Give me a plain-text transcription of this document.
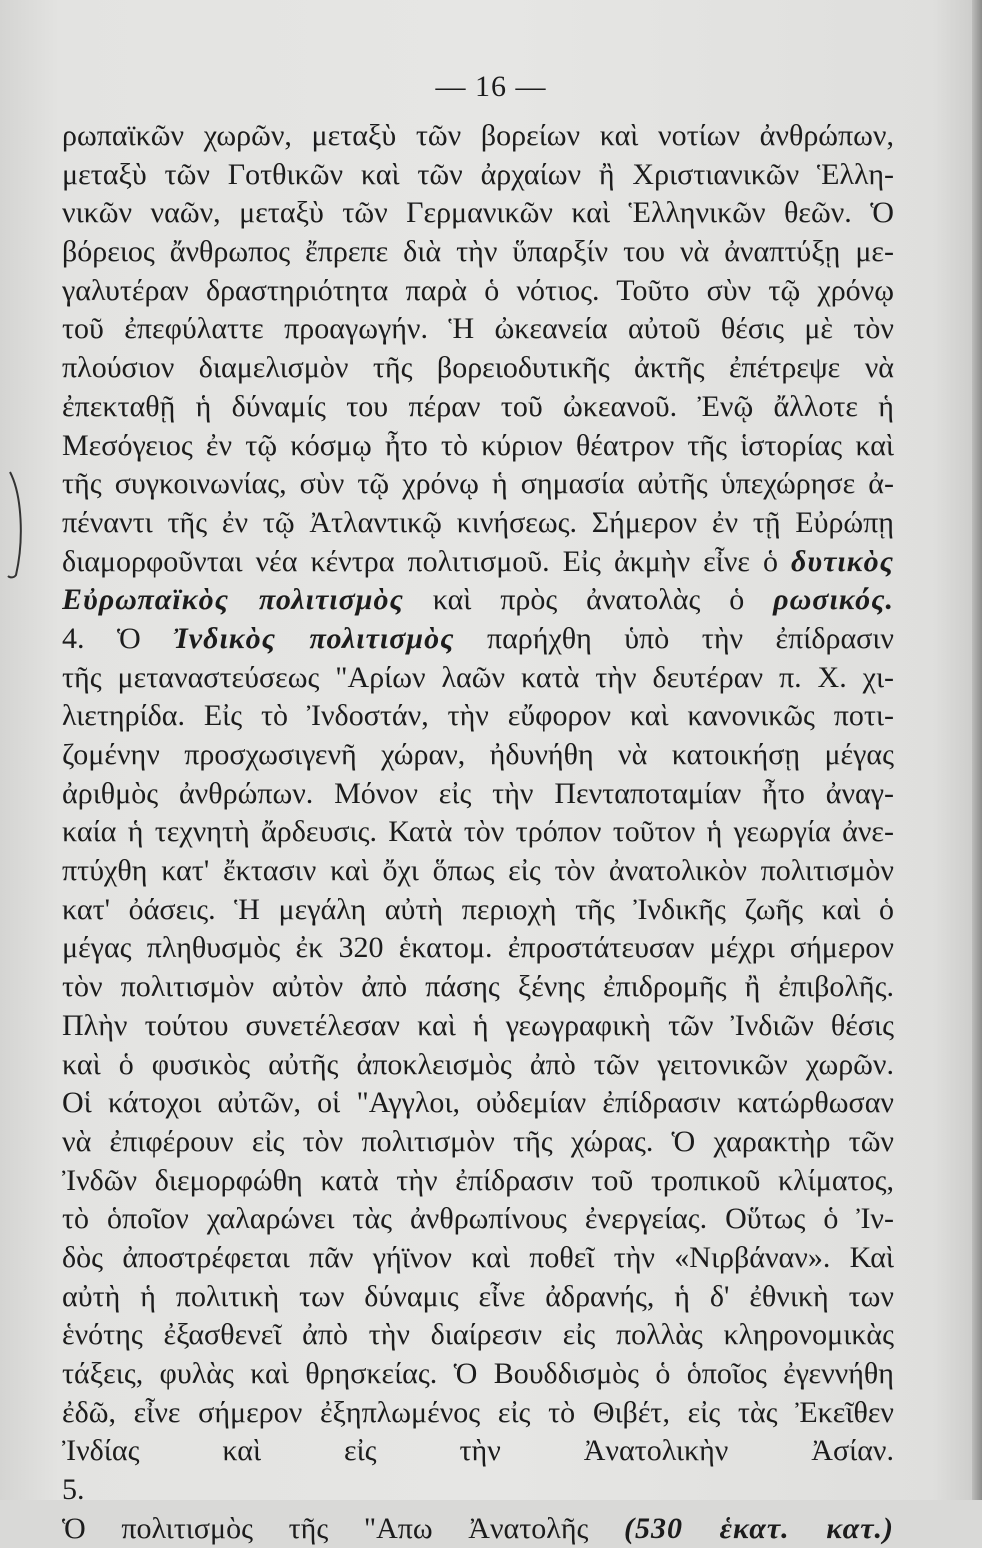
— 16 —
ρωπαϊκῶν χωρῶν, μεταξὺ τῶν βορείων καὶ νοτίων ἀνθρώπων,
μεταξὺ τῶν Γοτθικῶν καὶ τῶν ἀρχαίων ἢ Χριστιανικῶν Ἑλλη-
νικῶν ναῶν, μεταξὺ τῶν Γερμανικῶν καὶ Ἑλληνικῶν θεῶν. Ὁ
βόρειος ἄνθρωπος ἔπρεπε διὰ τὴν ὕπαρξίν του νὰ ἀναπτύξῃ με-
γαλυτέραν δραστηριότητα παρὰ ὁ νότιος. Τοῦτο σὺν τῷ χρόνῳ
τοῦ ἐπεφύλαττε προαγωγήν. Ἡ ὠκεανεία αὐτοῦ θέσις μὲ τὸν
πλούσιον διαμελισμὸν τῆς βορειοδυτικῆς ἀκτῆς ἐπέτρεψε νὰ
ἐπεκταθῇ ἡ δύναμίς του πέραν τοῦ ὠκεανοῦ. Ἐνῷ ἄλλοτε ἡ
Μεσόγειος ἐν τῷ κόσμῳ ἦτο τὸ κύριον θέατρον τῆς ἱστορίας καὶ
τῆς συγκοινωνίας, σὺν τῷ χρόνῳ ἡ σημασία αὐτῆς ὑπεχώρησε ἀ-
πέναντι τῆς ἐν τῷ Ἀτλαντικῷ κινήσεως. Σήμερον ἐν τῇ Εὐρώπῃ
διαμορφοῦνται νέα κέντρα πολιτισμοῦ. Εἰς ἀκμὴν εἶνε ὁ δυτικὸς
Εὐρωπαϊκὸς πολιτισμὸς καὶ πρὸς ἀνατολὰς ὁ ρωσικός.
4. Ὁ Ἰνδικὸς πολιτισμὸς παρήχθη ὑπὸ τὴν ἐπίδρασιν
τῆς μεταναστεύσεως "Αρίων λαῶν κατὰ τὴν δευτέραν π. Χ. χι-
λιετηρίδα. Εἰς τὸ Ἰνδοστάν, τὴν εὔφορον καὶ κανονικῶς ποτι-
ζομένην προσχωσιγενῆ χώραν, ἠδυνήθη νὰ κατοικήσῃ μέγας
ἀριθμὸς ἀνθρώπων. Μόνον εἰς τὴν Πενταποταμίαν ἦτο ἀναγ-
καία ἡ τεχνητὴ ἄρδευσις. Κατὰ τὸν τρόπον τοῦτον ἡ γεωργία ἀνε-
πτύχθη κατ' ἔκτασιν καὶ ὄχι ὅπως εἰς τὸν ἀνατολικὸν πολιτισμὸν
κατ' ὀάσεις. Ἡ μεγάλη αὐτὴ περιοχὴ τῆς Ἰνδικῆς ζωῆς καὶ ὁ
μέγας πληθυσμὸς ἐκ 320 ἑκατομ. ἐπροστάτευσαν μέχρι σήμερον
τὸν πολιτισμὸν αὐτὸν ἀπὸ πάσης ξένης ἐπιδρομῆς ἢ ἐπιβολῆς.
Πλὴν τούτου συνετέλεσαν καὶ ἡ γεωγραφικὴ τῶν Ἰνδιῶν θέσις
καὶ ὁ φυσικὸς αὐτῆς ἀποκλεισμὸς ἀπὸ τῶν γειτονικῶν χωρῶν.
Οἱ κάτοχοι αὐτῶν, οἱ "Αγγλοι, οὐδεμίαν ἐπίδρασιν κατώρθωσαν
νὰ ἐπιφέρουν εἰς τὸν πολιτισμὸν τῆς χώρας. Ὁ χαρακτὴρ τῶν
Ἰνδῶν διεμορφώθη κατὰ τὴν ἐπίδρασιν τοῦ τροπικοῦ κλίματος,
τὸ ὁποῖον χαλαρώνει τὰς ἀνθρωπίνους ἐνεργείας. Οὕτως ὁ Ἰν-
δὸς ἀποστρέφεται πᾶν γήϊνον καὶ ποθεῖ τὴν «Νιρβάναν». Καὶ
αὐτὴ ἡ πολιτικὴ των δύναμις εἶνε ἀδρανής, ἡ δ' ἐθνικὴ των
ἑνότης ἐξασθενεῖ ἀπὸ τὴν διαίρεσιν εἰς πολλὰς κληρονομικὰς
τάξεις, φυλὰς καὶ θρησκείας. Ὁ Βουδδισμὸς ὁ ὁποῖος ἐγεννήθη
ἐδῶ, εἶνε σήμερον ἐξηπλωμένος εἰς τὸ Θιβέτ, εἰς τὰς Ἐκεῖθεν
Ἰνδίας καὶ εἰς τὴν Ἀνατολικὴν Ἀσίαν.
5.
Ὁ πολιτισμὸς τῆς "Απω Ἀνατολῆς (530 ἑκατ. κατ.)
